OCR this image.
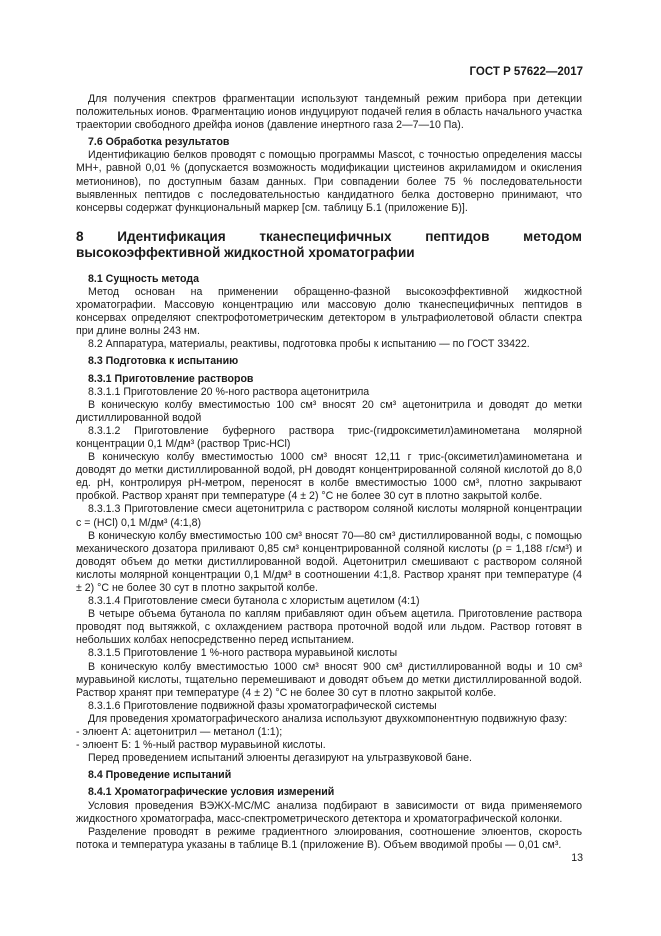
ГОСТ Р 57622—2017

Для получения спектров фрагментации используют тандемный режим прибора при детекции положительных ионов. Фрагментацию ионов индуцируют подачей гелия в область начального участка траектории свободного дрейфа ионов (давление инертного газа 2—7—10 Па).

7.6 Обработка результатов

Идентификацию белков проводят с помощью программы Mascot, с точностью определения массы MH+, равной 0,01 % (допускается возможность модификации цистеинов акриламидом и окисления метионинов), по доступным базам данных. При совпадении более 75 % последовательности выявленных пептидов с последовательностью кандидатного белка достоверно принимают, что консервы содержат функциональный маркер [см. таблицу Б.1 (приложение Б)].

8 Идентификация тканеспецифичных пептидов методом высокоэффективной жидкостной хроматографии

8.1 Сущность метода

Метод основан на применении обращенно-фазной высокоэффективной жидкостной хроматографии. Массовую концентрацию или массовую долю тканеспецифичных пептидов в консервах определяют спектрофотометрическим детектором в ультрафиолетовой области спектра при длине волны 243 нм.

8.2 Аппаратура, материалы, реактивы, подготовка пробы к испытанию — по ГОСТ 33422.

8.3 Подготовка к испытанию

8.3.1 Приготовление растворов

8.3.1.1 Приготовление 20 %-ного раствора ацетонитрила

В коническую колбу вместимостью 100 см³ вносят 20 см³ ацетонитрила и доводят до метки дистиллированной водой

8.3.1.2 Приготовление буферного раствора трис-(гидроксиметил)аминометана молярной концентрации 0,1 М/дм³ (раствор Трис-HCl)

В коническую колбу вместимостью 1000 см³ вносят 12,11 г трис-(оксиметил)аминометана и доводят до метки дистиллированной водой, pH доводят концентрированной соляной кислотой до 8,0 ед. pH, контролируя pH-метром, переносят в колбе вместимостью 1000 см³, плотно закрывают пробкой. Раствор хранят при температуре (4 ± 2) °С не более 30 сут в плотно закрытой колбе.

8.3.1.3 Приготовление смеси ацетонитрила с раствором соляной кислоты молярной концентрации c = (HCl) 0,1 М/дм³ (4:1,8)

В коническую колбу вместимостью 100 см³ вносят 70—80 см³ дистиллированной воды, с помощью механического дозатора приливают 0,85 см³ концентрированной соляной кислоты (ρ = 1,188 г/см³) и доводят объем до метки дистиллированной водой. Ацетонитрил смешивают с раствором соляной кислоты молярной концентрации 0,1 М/дм³ в соотношении 4:1,8. Раствор хранят при температуре (4 ± 2) °С не более 30 сут в плотно закрытой колбе.

8.3.1.4 Приготовление смеси бутанола с хлористым ацетилом (4:1)

В четыре объема бутанола по каплям прибавляют один объем ацетила. Приготовление раствора проводят под вытяжкой, с охлаждением раствора проточной водой или льдом. Раствор готовят в небольших колбах непосредственно перед испытанием.

8.3.1.5 Приготовление 1 %-ного раствора муравьиной кислоты

В коническую колбу вместимостью 1000 см³ вносят 900 см³ дистиллированной воды и 10 см³ муравьиной кислоты, тщательно перемешивают и доводят объем до метки дистиллированной водой. Раствор хранят при температуре (4 ± 2) °С не более 30 сут в плотно закрытой колбе.

8.3.1.6 Приготовление подвижной фазы хроматографической системы

Для проведения хроматографического анализа используют двухкомпонентную подвижную фазу:

- элюент А: ацетонитрил — метанол (1:1);

- элюент Б: 1 %-ный раствор муравьиной кислоты.

Перед проведением испытаний элюенты дегазируют на ультразвуковой бане.

8.4 Проведение испытаний

8.4.1 Хроматографические условия измерений

Условия проведения ВЭЖХ-МС/МС анализа подбирают в зависимости от вида применяемого жидкостного хроматографа, масс-спектрометрического детектора и хроматографической колонки.

Разделение проводят в режиме градиентного элюирования, соотношение элюентов, скорость потока и температура указаны в таблице В.1 (приложение В). Объем вводимой пробы — 0,01 см³.

13
